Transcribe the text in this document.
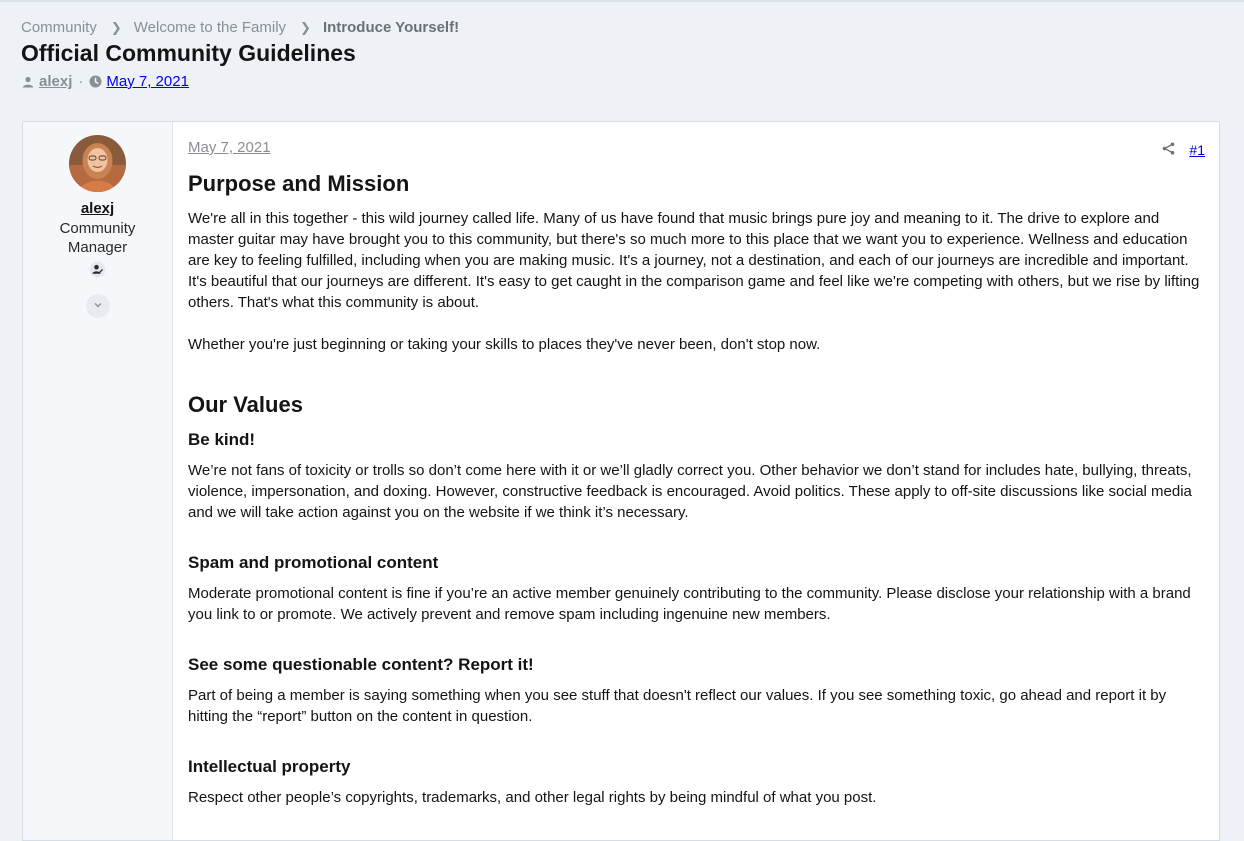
Community ❯ Welcome to the Family ❯ Introduce Yourself!
Official Community Guidelines
alexj · May 7, 2021
alexj
Community Manager
May 7, 2021	#1
Purpose and Mission

We're all in this together - this wild journey called life. Many of us have found that music brings pure joy and meaning to it. The drive to explore and master guitar may have brought you to this community, but there's so much more to this place that we want you to experience. Wellness and education are key to feeling fulfilled, including when you are making music. It's a journey, not a destination, and each of our journeys are incredible and important. It's beautiful that our journeys are different. It's easy to get caught in the comparison game and feel like we're competing with others, but we rise by lifting others. That's what this community is about.

Whether you're just beginning or taking your skills to places they've never been, don't stop now.

Our Values
Be kind!

We’re not fans of toxicity or trolls so don’t come here with it or we’ll gladly correct you. Other behavior we don’t stand for includes hate, bullying, threats, violence, impersonation, and doxing. However, constructive feedback is encouraged. Avoid politics. These apply to off-site discussions like social media and we will take action against you on the website if we think it’s necessary.

Spam and promotional content

Moderate promotional content is fine if you’re an active member genuinely contributing to the community. Please disclose your relationship with a brand you link to or promote. We actively prevent and remove spam including ingenuine new members.

See some questionable content? Report it!

Part of being a member is saying something when you see stuff that doesn't reflect our values. If you see something toxic, go ahead and report it by hitting the “report” button on the content in question.

Intellectual property

Respect other people’s copyrights, trademarks, and other legal rights by being mindful of what you post.
